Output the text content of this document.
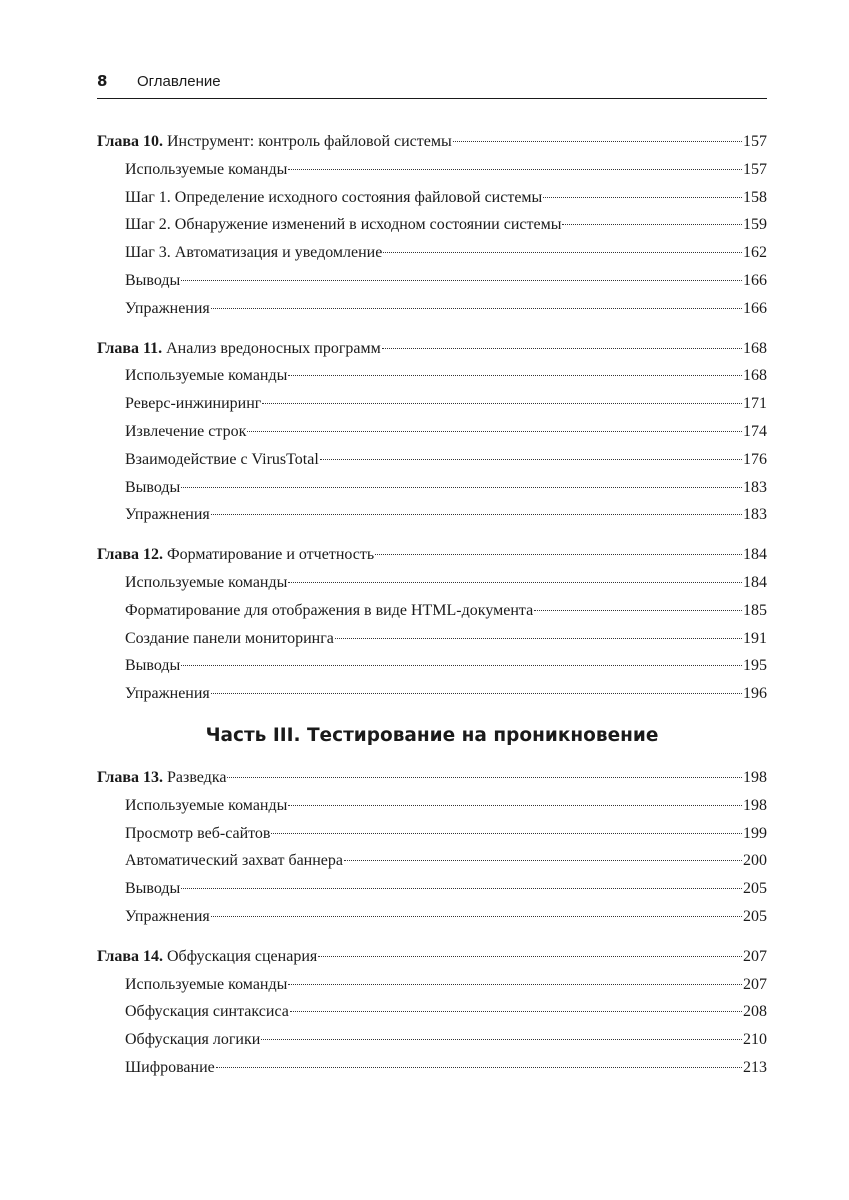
8 Оглавление
Глава 10. Инструмент: контроль файловой системы	157
Используемые команды	157
Шаг 1. Определение исходного состояния файловой системы	158
Шаг 2. Обнаружение изменений в исходном состоянии системы	159
Шаг 3. Автоматизация и уведомление	162
Выводы	166
Упражнения	166
Глава 11. Анализ вредоносных программ	168
Используемые команды	168
Реверс-инжиниринг	171
Извлечение строк	174
Взаимодействие с VirusTotal	176
Выводы	183
Упражнения	183
Глава 12. Форматирование и отчетность	184
Используемые команды	184
Форматирование для отображения в виде HTML-документа	185
Создание панели мониторинга	191
Выводы	195
Упражнения	196
Часть III. Тестирование на проникновение
Глава 13. Разведка	198
Используемые команды	198
Просмотр веб-сайтов	199
Автоматический захват баннера	200
Выводы	205
Упражнения	205
Глава 14. Обфускация сценария	207
Используемые команды	207
Обфускация синтаксиса	208
Обфускация логики	210
Шифрование	213
